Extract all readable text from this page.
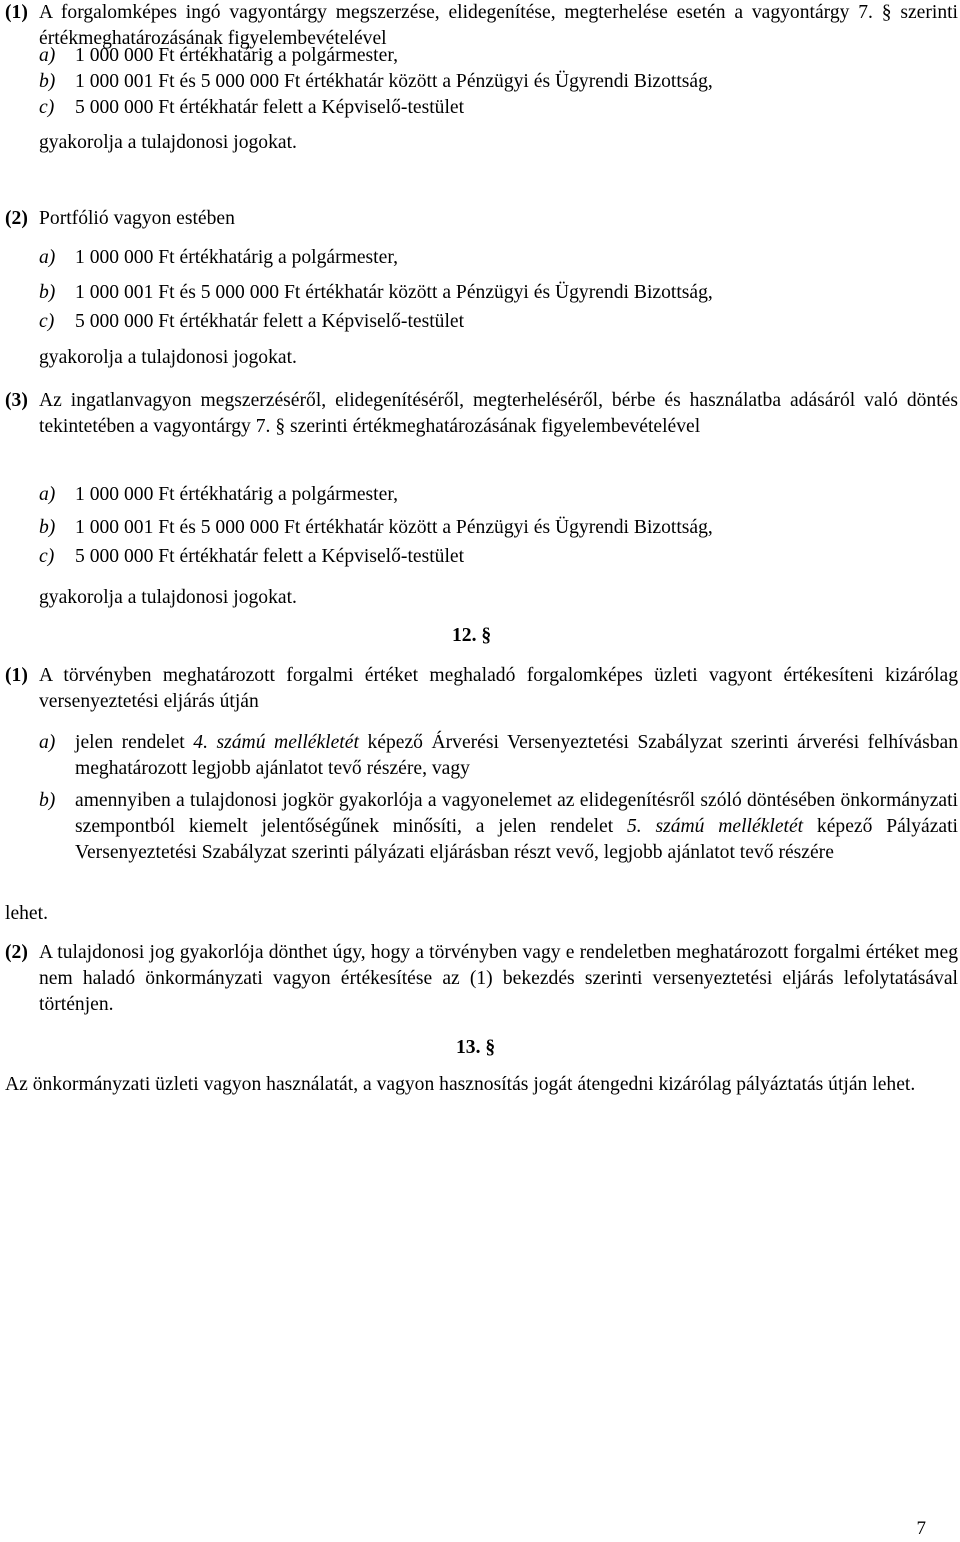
(1) A forgalomképes ingó vagyontárgy megszerzése, elidegenítése, megterhelése esetén a vagyontárgy 7. § szerinti értékmeghatározásának figyelembevételével
a) 1 000 000 Ft értékhatárig a polgármester,
b) 1 000 001 Ft és 5 000 000 Ft értékhatár között a Pénzügyi és Ügyrendi Bizottság,
c) 5 000 000 Ft értékhatár felett a Képviselő-testület
gyakorolja a tulajdonosi jogokat.
(2) Portfólió vagyon estében
a) 1 000 000 Ft értékhatárig a polgármester,
b) 1 000 001 Ft és 5 000 000 Ft értékhatár között a Pénzügyi és Ügyrendi Bizottság,
c) 5 000 000 Ft értékhatár felett a Képviselő-testület
gyakorolja a tulajdonosi jogokat.
(3) Az ingatlanvagyon megszerzéséről, elidegenítéséről, megterheléséről, bérbe és használatba adásáról való döntés tekintetében a vagyontárgy 7. § szerinti értékmeghatározásának figyelembevételével
a) 1 000 000 Ft értékhatárig a polgármester,
b) 1 000 001 Ft és 5 000 000 Ft értékhatár között a Pénzügyi és Ügyrendi Bizottság,
c) 5 000 000 Ft értékhatár felett a Képviselő-testület
gyakorolja a tulajdonosi jogokat.
12. §
(1) A törvényben meghatározott forgalmi értéket meghaladó forgalomképes üzleti vagyont értékesíteni kizárólag versenyeztetési eljárás útján
a) jelen rendelet 4. számú mellékletét képező Árverési Versenyeztetési Szabályzat szerinti árverési felhívásban meghatározott legjobb ajánlatot tevő részére, vagy
b) amennyiben a tulajdonosi jogkör gyakorlója a vagyonelemet az elidegenítésről szóló döntésében önkormányzati szempontból kiemelt jelentőségűnek minősíti, a jelen rendelet 5. számú mellékletét képező Pályázati Versenyeztetési Szabályzat szerinti pályázati eljárásban részt vevő, legjobb ajánlatot tevő részére
lehet.
(2) A tulajdonosi jog gyakorlója dönthet úgy, hogy a törvényben vagy e rendeletben meghatározott forgalmi értéket meg nem haladó önkormányzati vagyon értékesítése az (1) bekezdés szerinti versenyeztetési eljárás lefolytatásával történjen.
13. §
Az önkormányzati üzleti vagyon használatát, a vagyon hasznosítás jogát átengedni kizárólag pályáztatás útján lehet.
7
